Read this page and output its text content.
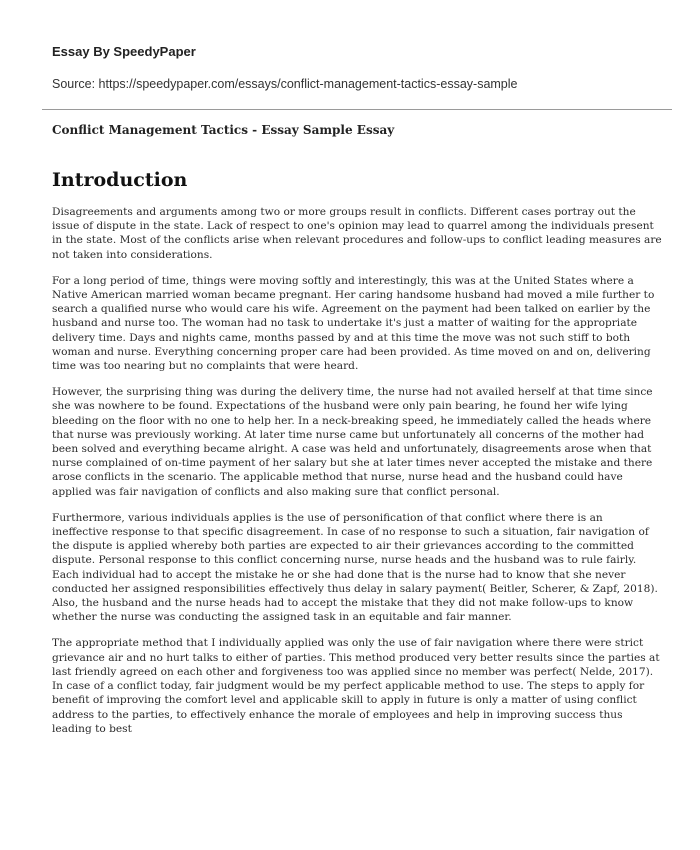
Essay By SpeedyPaper

Source: https://speedypaper.com/essays/conflict-management-tactics-essay-sample

Conflict Management Tactics - Essay Sample Essay

Introduction

Disagreements and arguments among two or more groups result in conflicts. Different cases portray out the issue of dispute in the state. Lack of respect to one's opinion may lead to quarrel among the individuals present in the state. Most of the conflicts arise when relevant procedures and follow-ups to conflict leading measures are not taken into considerations.

For a long period of time, things were moving softly and interestingly, this was at the United States where a Native American married woman became pregnant. Her caring handsome husband had moved a mile further to search a qualified nurse who would care his wife. Agreement on the payment had been talked on earlier by the husband and nurse too. The woman had no task to undertake it's just a matter of waiting for the appropriate delivery time. Days and nights came, months passed by and at this time the move was not such stiff to both woman and nurse. Everything concerning proper care had been provided. As time moved on and on, delivering time was too nearing but no complaints that were heard.

However, the surprising thing was during the delivery time, the nurse had not availed herself at that time since she was nowhere to be found. Expectations of the husband were only pain bearing, he found her wife lying bleeding on the floor with no one to help her. In a neck-breaking speed, he immediately called the heads where that nurse was previously working. At later time nurse came but unfortunately all concerns of the mother had been solved and everything became alright. A case was held and unfortunately, disagreements arose when that nurse complained of on-time payment of her salary but she at later times never accepted the mistake and there arose conflicts in the scenario. The applicable method that nurse, nurse head and the husband could have applied was fair navigation of conflicts and also making sure that conflict personal.

Furthermore, various individuals applies is the use of personification of that conflict where there is an ineffective response to that specific disagreement. In case of no response to such a situation, fair navigation of the dispute is applied whereby both parties are expected to air their grievances according to the committed dispute. Personal response to this conflict concerning nurse, nurse heads and the husband was to rule fairly. Each individual had to accept the mistake he or she had done that is the nurse had to know that she never conducted her assigned responsibilities effectively thus delay in salary payment( Beitler, Scherer, & Zapf, 2018). Also, the husband and the nurse heads had to accept the mistake that they did not make follow-ups to know whether the nurse was conducting the assigned task in an equitable and fair manner.

The appropriate method that I individually applied was only the use of fair navigation where there were strict grievance air and no hurt talks to either of parties. This method produced very better results since the parties at last friendly agreed on each other and forgiveness too was applied since no member was perfect( Nelde, 2017). In case of a conflict today, fair judgment would be my perfect applicable method to use. The steps to apply for benefit of improving the comfort level and applicable skill to apply in future is only a matter of using conflict address to the parties, to effectively enhance the morale of employees and help in improving success thus leading to best
